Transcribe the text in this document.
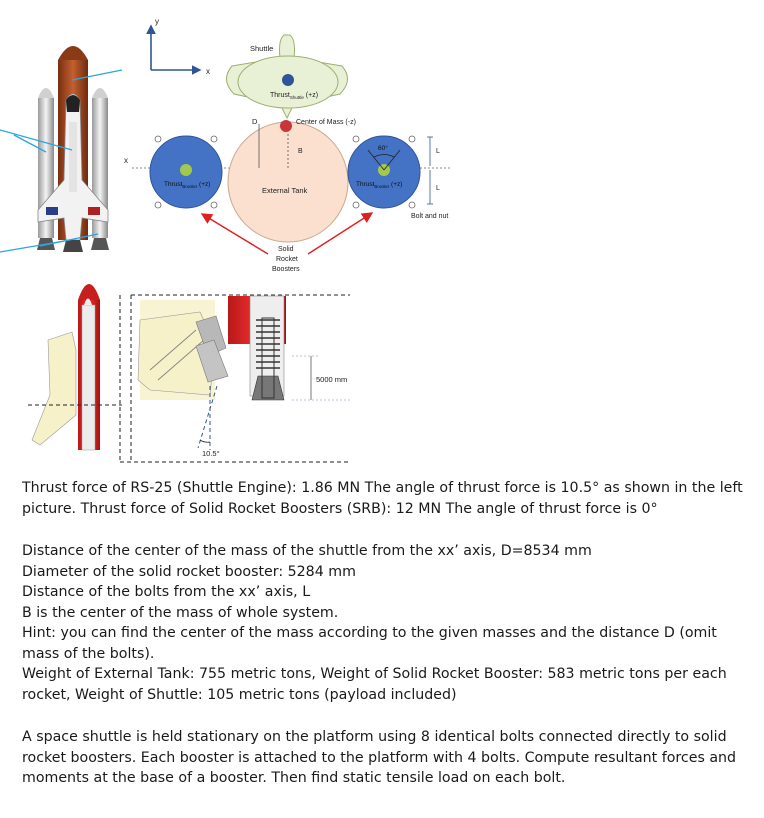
y
x
x
Shuttle
Thrust$_{Shuttle}$ (+z)
Center of Mass (-z)
D
B
External Tank
Thrust$_{Booster}$ (+z)	Thrust$_{Booster}$ (+z)
60°	L
L
Bolt and nut
Solid
Rocket
Boosters
5000 mm
10.5°

Thrust force of RS-25 (Shuttle Engine): 1.86 MN The angle of thrust force is 10.5° as shown in the left picture. Thrust force of Solid Rocket Boosters (SRB): 12 MN The angle of thrust force is 0°

Distance of the center of the mass of the shuttle from the xx’ axis, D=8534 mm

Diameter of the solid rocket booster: 5284 mm

Distance of the bolts from the xx’ axis, L

B is the center of the mass of whole system.

Hint: you can find the center of the mass according to the given masses and the distance D (omit mass of the bolts).

Weight of External Tank: 755 metric tons, Weight of Solid Rocket Booster: 583 metric tons per each rocket, Weight of Shuttle: 105 metric tons (payload included)

A space shuttle is held stationary on the platform using 8 identical bolts connected directly to solid rocket boosters. Each booster is attached to the platform with 4 bolts. Compute resultant forces and moments at the base of a booster. Then find static tensile load on each bolt.
